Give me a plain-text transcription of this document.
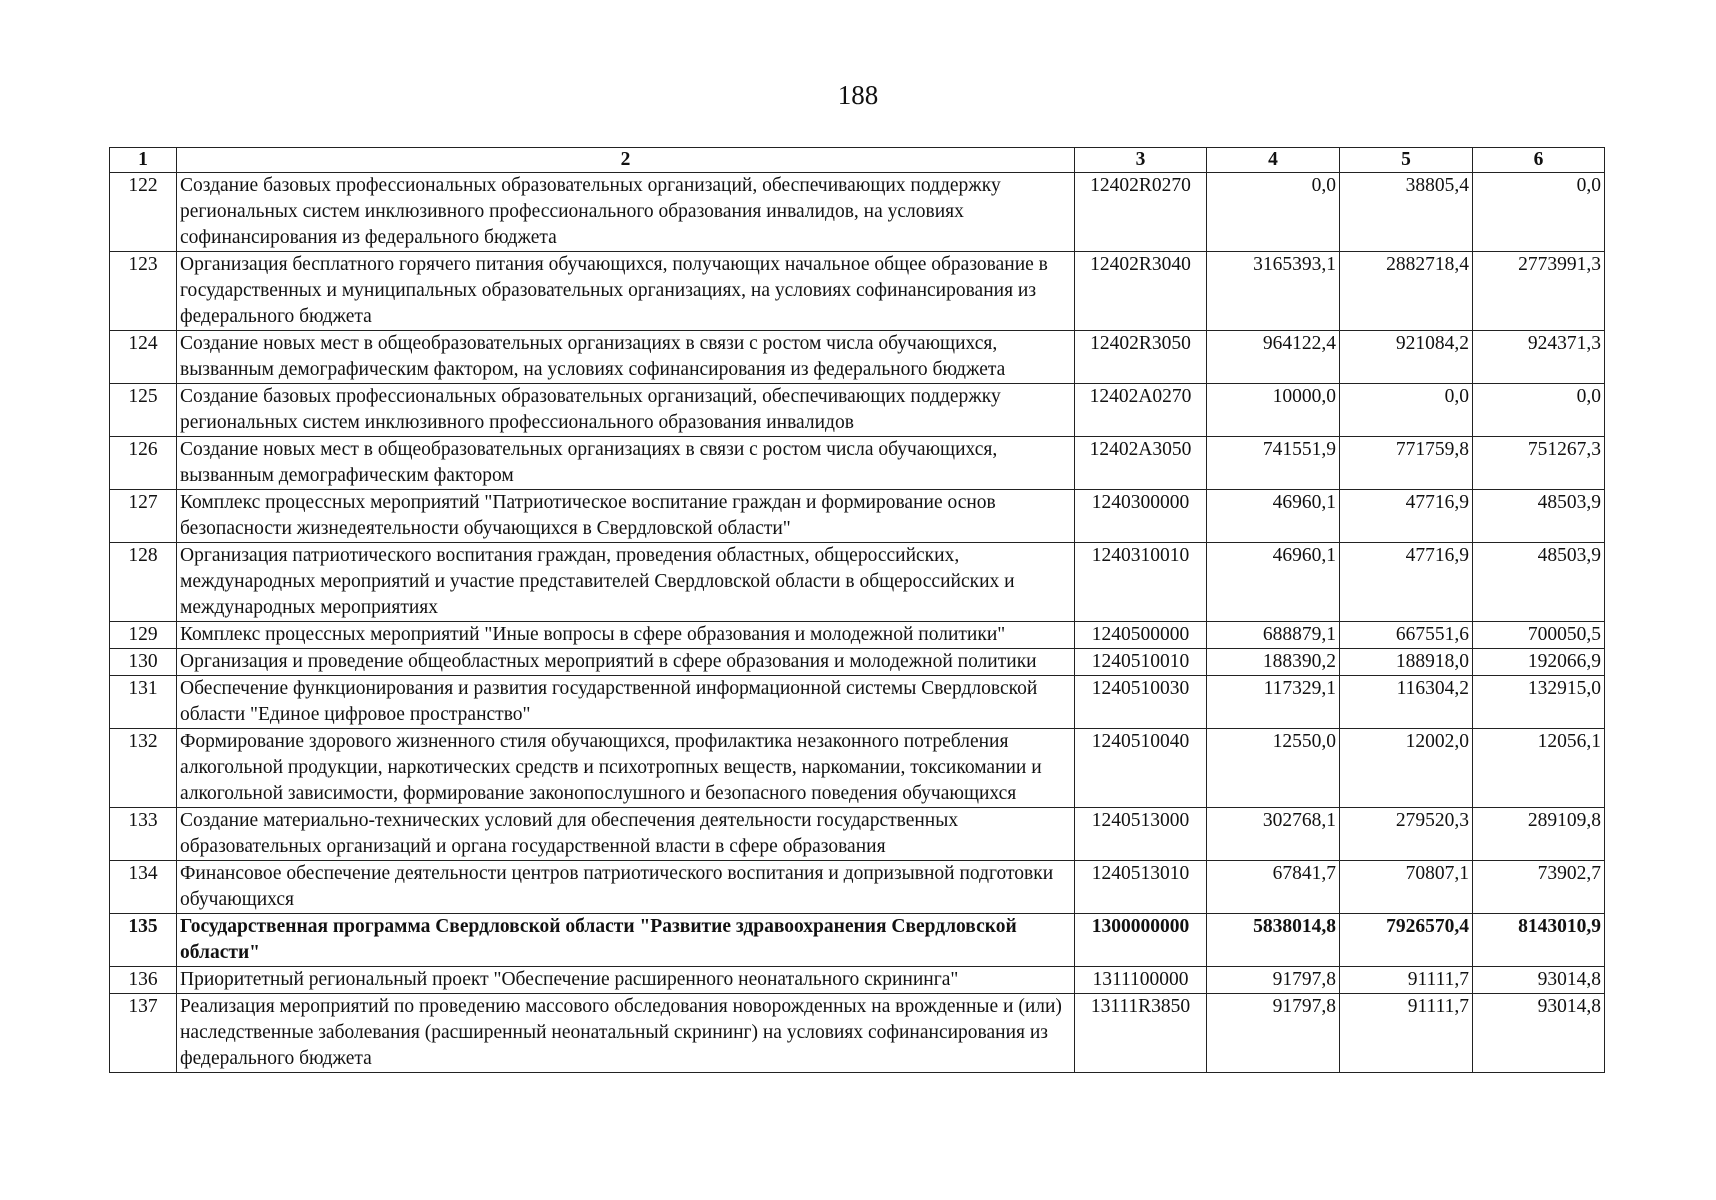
188
1	2	3	4	5	6
122	Создание базовых профессиональных образовательных организаций, обеспечивающих поддержку региональных систем инклюзивного профессионального образования инвалидов, на условиях софинансирования из федерального бюджета	12402R0270	0,0	38805,4	0,0
123	Организация бесплатного горячего питания обучающихся, получающих начальное общее образование в государственных и муниципальных образовательных организациях, на условиях софинансирования из федерального бюджета	12402R3040	3165393,1	2882718,4	2773991,3
124	Создание новых мест в общеобразовательных организациях в связи с ростом числа обучающихся, вызванным демографическим фактором, на условиях софинансирования из федерального бюджета	12402R3050	964122,4	921084,2	924371,3
125	Создание базовых профессиональных образовательных организаций, обеспечивающих поддержку региональных систем инклюзивного профессионального образования инвалидов	12402A0270	10000,0	0,0	0,0
126	Создание новых мест в общеобразовательных организациях в связи с ростом числа обучающихся, вызванным демографическим фактором	12402A3050	741551,9	771759,8	751267,3
127	Комплекс процессных мероприятий "Патриотическое воспитание граждан и формирование основ безопасности жизнедеятельности обучающихся в Свердловской области"	1240300000	46960,1	47716,9	48503,9
128	Организация патриотического воспитания граждан, проведения областных, общероссийских, международных мероприятий и участие представителей Свердловской области в общероссийских и международных мероприятиях	1240310010	46960,1	47716,9	48503,9
129	Комплекс процессных мероприятий "Иные вопросы в сфере образования и молодежной политики"	1240500000	688879,1	667551,6	700050,5
130	Организация и проведение общеобластных мероприятий в сфере образования и молодежной политики	1240510010	188390,2	188918,0	192066,9
131	Обеспечение функционирования и развития государственной информационной системы Свердловской области "Единое цифровое пространство"	1240510030	117329,1	116304,2	132915,0
132	Формирование здорового жизненного стиля обучающихся, профилактика незаконного потребления алкогольной продукции, наркотических средств и психотропных веществ, наркомании, токсикомании и алкогольной зависимости, формирование законопослушного и безопасного поведения обучающихся	1240510040	12550,0	12002,0	12056,1
133	Создание материально-технических условий для обеспечения деятельности государственных образовательных организаций и органа государственной власти в сфере образования	1240513000	302768,1	279520,3	289109,8
134	Финансовое обеспечение деятельности центров патриотического воспитания и допризывной подготовки обучающихся	1240513010	67841,7	70807,1	73902,7
135	Государственная программа Свердловской области "Развитие здравоохранения Свердловской области"	1300000000	5838014,8	7926570,4	8143010,9
136	Приоритетный региональный проект "Обеспечение расширенного неонатального скрининга"	1311100000	91797,8	91111,7	93014,8
137	Реализация мероприятий по проведению массового обследования новорожденных на врожденные и (или) наследственные заболевания (расширенный неонатальный скрининг) на условиях софинансирования из федерального бюджета	13111R3850	91797,8	91111,7	93014,8
